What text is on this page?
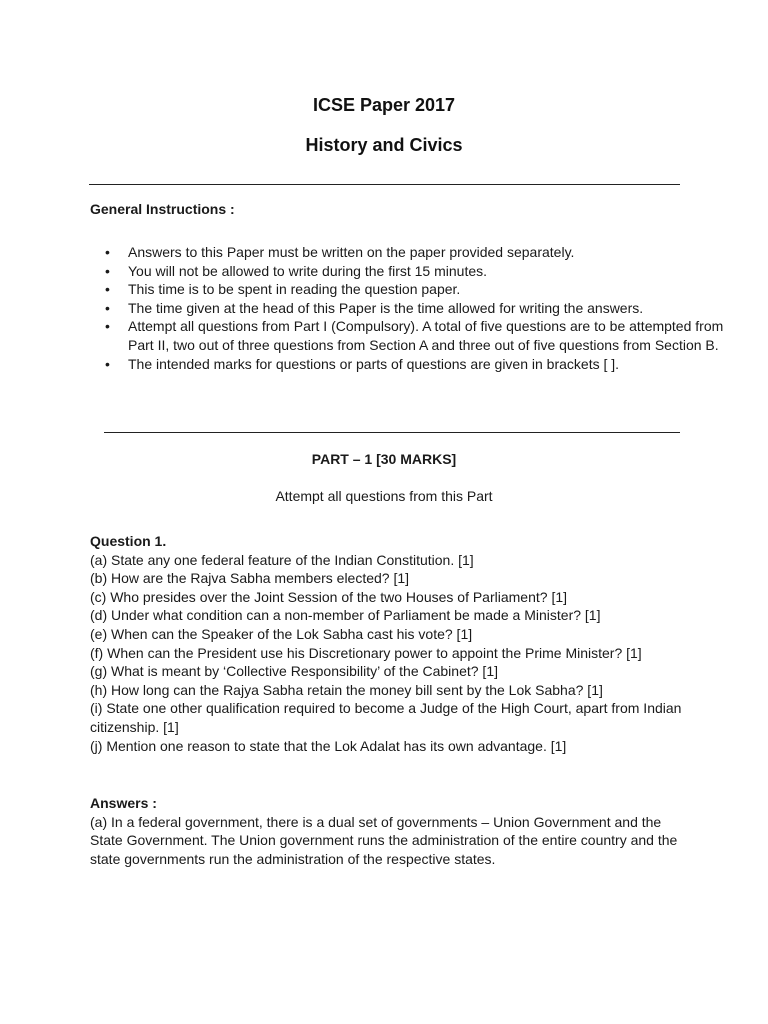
ICSE Paper 2017
History and Civics
General Instructions :
• Answers to this Paper must be written on the paper provided separately.
• You will not be allowed to write during the first 15 minutes.
• This time is to be spent in reading the question paper.
• The time given at the head of this Paper is the time allowed for writing the answers.
• Attempt all questions from Part I (Compulsory). A total of five questions are to be attempted from Part II, two out of three questions from Section A and three out of five questions from Section B.
• The intended marks for questions or parts of questions are given in brackets [ ].
PART – 1 [30 MARKS]
Attempt all questions from this Part

Question 1.

(a) State any one federal feature of the Indian Constitution. [1]

(b) How are the Rajva Sabha members elected? [1]

(c) Who presides over the Joint Session of the two Houses of Parliament? [1]

(d) Under what condition can a non-member of Parliament be made a Minister? [1]

(e) When can the Speaker of the Lok Sabha cast his vote? [1]

(f) When can the President use his Discretionary power to appoint the Prime Minister? [1]

(g) What is meant by ‘Collective Responsibility’ of the Cabinet? [1]

(h) How long can the Rajya Sabha retain the money bill sent by the Lok Sabha? [1]

(i) State one other qualification required to become a Judge of the High Court, apart from Indian citizenship. [1]

(j) Mention one reason to state that the Lok Adalat has its own advantage. [1]

Answers :

(a) In a federal government, there is a dual set of governments – Union Government and the State Government. The Union government runs the administration of the entire country and the state governments run the administration of the respective states.
